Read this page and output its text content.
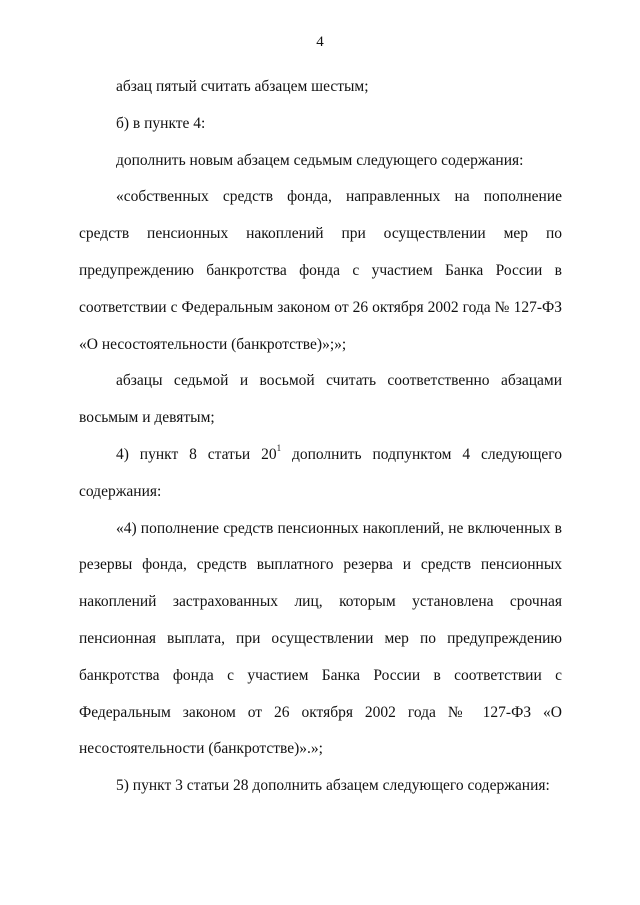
4

абзац пятый считать абзацем шестым;

б) в пункте 4:

дополнить новым абзацем седьмым следующего содержания:

«собственных средств фонда, направленных на пополнение средств пенсионных накоплений при осуществлении мер по предупреждению банкротства фонда с участием Банка России в соответствии с Федеральным законом от 26 октября 2002 года № 127-ФЗ «О несостоятельности (банкротстве)»;»;

абзацы седьмой и восьмой считать соответственно абзацами восьмым и девятым;

4) пункт 8 статьи $20^1$ дополнить подпунктом 4 следующего содержания:

«4) пополнение средств пенсионных накоплений, не включенных в резервы фонда, средств выплатного резерва и средств пенсионных накоплений застрахованных лиц, которым установлена срочная пенсионная выплата, при осуществлении мер по предупреждению банкротства фонда с участием Банка России в соответствии с Федеральным законом от 26 октября 2002 года № 127-ФЗ «О несостоятельности (банкротстве)».»;

5) пункт 3 статьи 28 дополнить абзацем следующего содержания:
